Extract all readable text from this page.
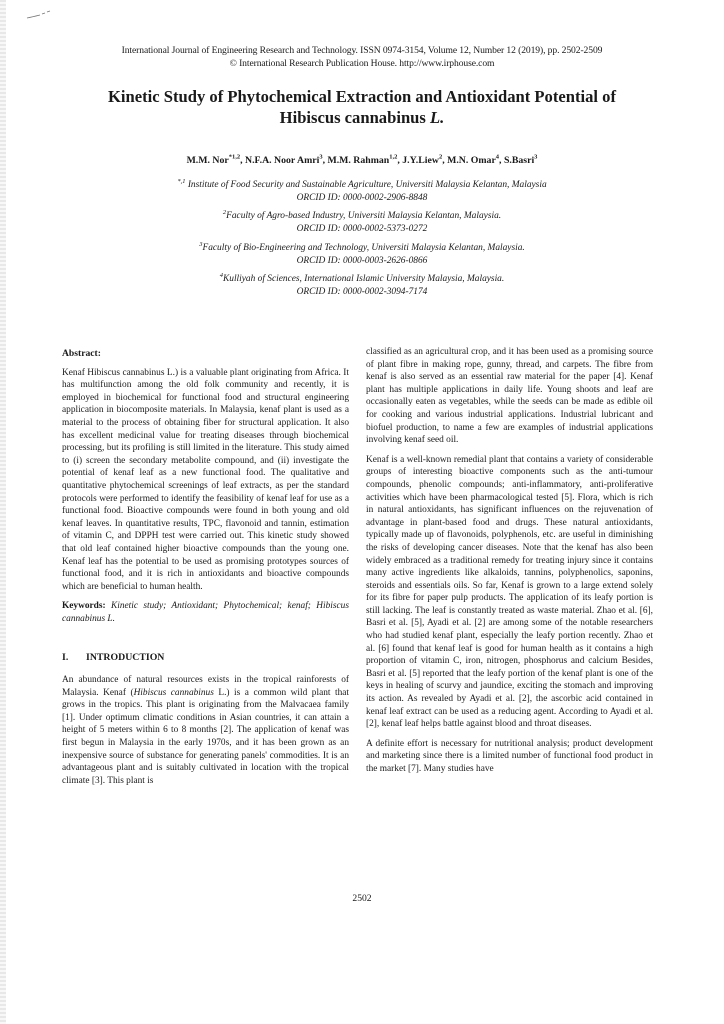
International Journal of Engineering Research and Technology. ISSN 0974-3154, Volume 12, Number 12 (2019), pp. 2502-2509
© International Research Publication House. http://www.irphouse.com
Kinetic Study of Phytochemical Extraction and Antioxidant Potential of
Hibiscus cannabinus L.
M.M. Nor$^{*1,2}$, N.F.A. Noor Amri$^3$, M.M. Rahman$^{1,2}$, J.Y.Liew$^2$, M.N. Omar$^4$, S.Basri$^3$
$^{*,1}$ Institute of Food Security and Sustainable Agriculture, Universiti Malaysia Kelantan, Malaysia
ORCID ID: 0000-0002-2906-8848
$^2$Faculty of Agro-based Industry, Universiti Malaysia Kelantan, Malaysia.
ORCID ID: 0000-0002-5373-0272
$^3$Faculty of Bio-Engineering and Technology, Universiti Malaysia Kelantan, Malaysia.
ORCID ID: 0000-0003-2626-0866
$^4$Kulliyah of Sciences, International Islamic University Malaysia, Malaysia.
ORCID ID: 0000-0002-3094-7174
Abstract:

Kenaf Hibiscus cannabinus L.) is a valuable plant originating from Africa. It has multifunction among the old folk community and recently, it is employed in biochemical for functional food and structural engineering application in biocomposite materials. In Malaysia, kenaf plant is used as a material to the process of obtaining fiber for structural application. It also has excellent medicinal value for treating diseases through biochemical processing, but its profiling is still limited in the literature. This study aimed to (i) screen the secondary metabolite compound, and (ii) investigate the potential of kenaf leaf as a new functional food. The qualitative and quantitative phytochemical screenings of leaf extracts, as per the standard protocols were performed to identify the feasibility of kenaf leaf for use as a functional food. Bioactive compounds were found in both young and old kenaf leaves. In quantitative results, TPC, flavonoid and tannin, estimation of vitamin C, and DPPH test were carried out. This kinetic study showed that old leaf contained higher bioactive compounds than the young one. Kenaf leaf has the potential to be used as promising prototypes sources of functional food, and it is rich in antioxidants and bioactive compounds which are beneficial to human health.

Keywords: Kinetic study; Antioxidant; Phytochemical; kenaf; Hibiscus cannabinus L.

I. INTRODUCTION

An abundance of natural resources exists in the tropical rainforests of Malaysia. Kenaf (Hibiscus cannabinus L.) is a common wild plant that grows in the tropics. This plant is originating from the Malvacaea family [1]. Under optimum climatic conditions in Asian countries, it can attain a height of 5 meters within 6 to 8 months [2]. The application of kenaf was first begun in Malaysia in the early 1970s, and it has been grown as an inexpensive source of substance for generating panels' commodities. It is an advantageous plant and is suitably cultivated in location with the tropical climate [3]. This plant is

classified as an agricultural crop, and it has been used as a promising source of plant fibre in making rope, gunny, thread, and carpets. The fibre from kenaf is also served as an essential raw material for the paper [4]. Kenaf plant has multiple applications in daily life. Young shoots and leaf are occasionally eaten as vegetables, while the seeds can be made as edible oil for cooking and various industrial applications. Industrial lubricant and biofuel production, to name a few are examples of industrial applications involving kenaf seed oil.

Kenaf is a well-known remedial plant that contains a variety of considerable groups of interesting bioactive components such as the anti-tumour compounds, phenolic compounds; anti-inflammatory, anti-proliferative activities which have been pharmacological tested [5]. Flora, which is rich in natural antioxidants, has significant influences on the rejuvenation of advantage in plant-based food and drugs. These natural antioxidants, typically made up of flavonoids, polyphenols, etc. are useful in diminishing the risks of developing cancer diseases. Note that the kenaf has also been widely embraced as a traditional remedy for treating injury since it contains many active ingredients like alkaloids, tannins, polyphenolics, saponins, steroids and essentials oils. So far, Kenaf is grown to a large extend solely for its fibre for paper pulp products. The application of its leafy portion is still lacking. The leaf is constantly treated as waste material. Zhao et al. [6], Basri et al. [5], Ayadi et al. [2] are among some of the notable researchers who had studied kenaf plant, especially the leafy portion recently. Zhao et al. [6] found that kenaf leaf is good for human health as it contains a high proportion of vitamin C, iron, nitrogen, phosphorus and calcium Besides, Basri et al. [5] reported that the leafy portion of the kenaf plant is one of the keys in healing of scurvy and jaundice, exciting the stomach and improving its action. As revealed by Ayadi et al. [2], the ascorbic acid contained in kenaf leaf extract can be used as a reducing agent. According to Ayadi et al. [2], kenaf leaf helps battle against blood and throat diseases.

A definite effort is necessary for nutritional analysis; product development and marketing since there is a limited number of functional food product in the market [7]. Many studies have

2502
